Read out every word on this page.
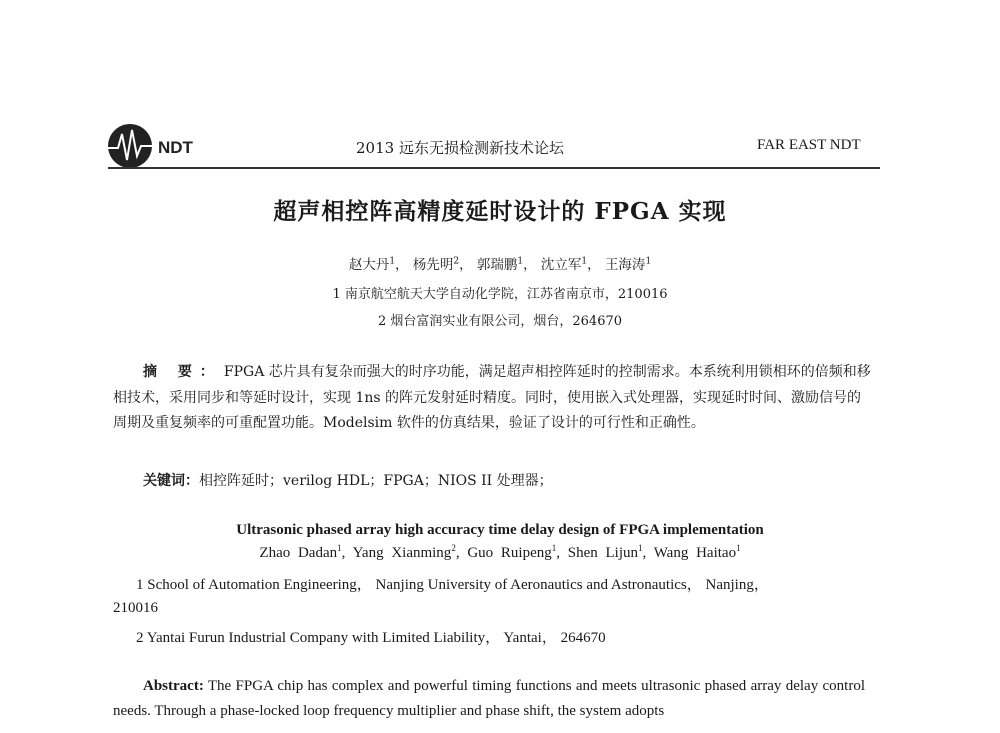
NDT	2013 远东无损检测新技术论坛	FAR EAST NDT
超声相控阵高精度延时设计的 FPGA 实现
赵大丹$^1$， 杨先明$^2$， 郭瑞鹏$^1$， 沈立军$^1$， 王海涛$^1$
1 南京航空航天大学自动化学院，江苏省南京市，210016
2 烟台富润实业有限公司，烟台，264670
摘 要： FPGA 芯片具有复杂而强大的时序功能，满足超声相控阵延时的控制需求。本系统利用锁相环的倍频和移相技术，采用同步和等延时设计，实现 1ns 的阵元发射延时精度。同时，使用嵌入式处理器，实现延时时间、激励信号的周期及重复频率的可重配置功能。Modelsim 软件的仿真结果，验证了设计的可行性和正确性。
关键词：相控阵延时；verilog HDL；FPGA；NIOS II 处理器；
Ultrasonic phased array high accuracy time delay design of FPGA implementation
Zhao Dadan$^1$, Yang Xianming$^2$, Guo Ruipeng$^1$, Shen Lijun$^1$, Wang Haitao$^1$
1 School of Automation Engineering， Nanjing University of Aeronautics and Astronautics， Nanjing，
210016
2 Yantai Furun Industrial Company with Limited Liability， Yantai， 264670
Abstract: The FPGA chip has complex and powerful timing functions and meets ultrasonic phased array delay control needs. Through a phase-locked loop frequency multiplier and phase shift, the system adopts
